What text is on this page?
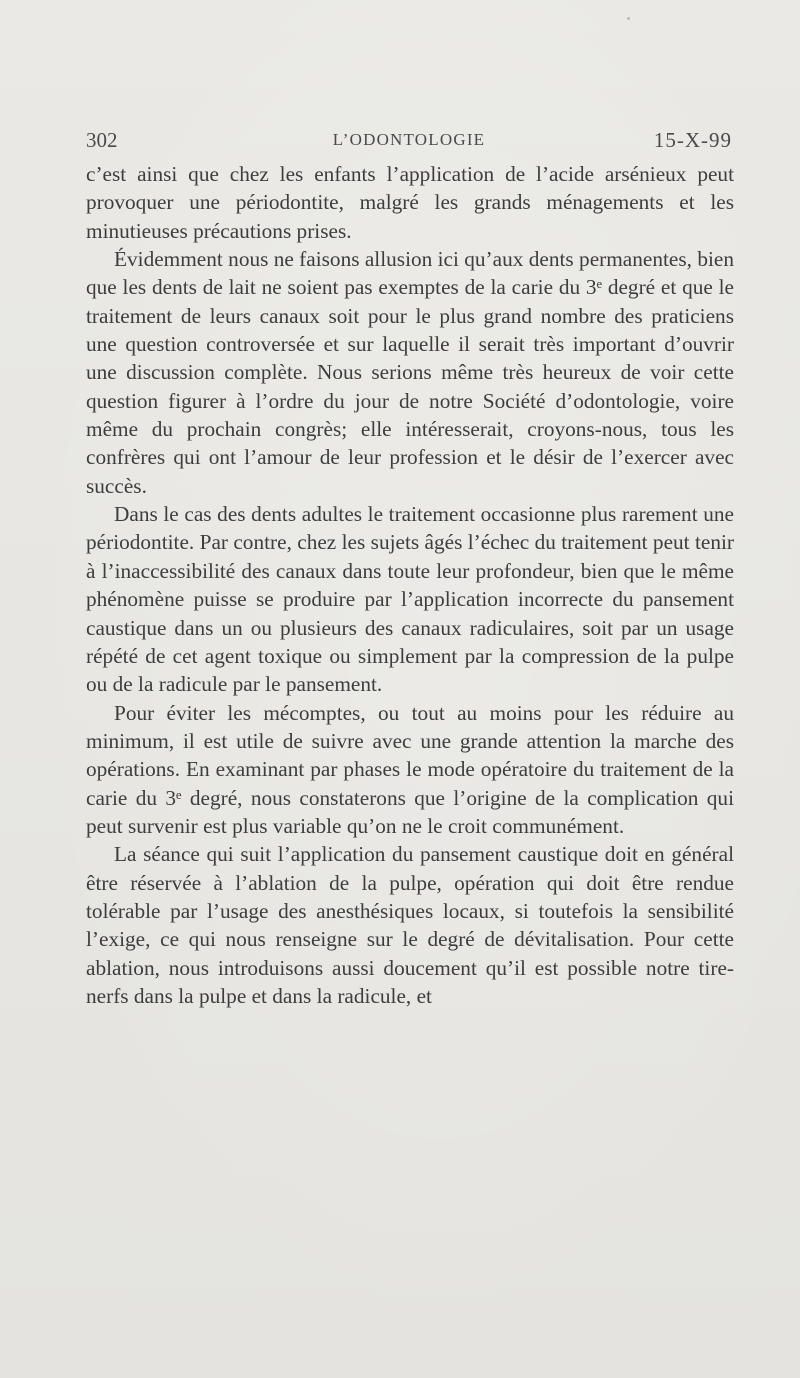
302	L’ODONTOLOGIE	15-X-99

c’est ainsi que chez les enfants l’application de l’acide arsénieux peut provoquer une périodontite, malgré les grands ménagements et les minutieuses précautions prises.

Évidemment nous ne faisons allusion ici qu’aux dents permanentes, bien que les dents de lait ne soient pas exemptes de la carie du 3ᵉ degré et que le traitement de leurs canaux soit pour le plus grand nombre des praticiens une question controversée et sur laquelle il serait très important d’ouvrir une discussion complète. Nous serions même très heureux de voir cette question figurer à l’ordre du jour de notre Société d’odontologie, voire même du prochain congrès; elle intéresserait, croyons-nous, tous les confrères qui ont l’amour de leur profession et le désir de l’exercer avec succès.

Dans le cas des dents adultes le traitement occasionne plus rarement une périodontite. Par contre, chez les sujets âgés l’échec du traitement peut tenir à l’inaccessibilité des canaux dans toute leur profondeur, bien que le même phénomène puisse se produire par l’application incorrecte du pansement caustique dans un ou plusieurs des canaux radiculaires, soit par un usage répété de cet agent toxique ou simplement par la compression de la pulpe ou de la radicule par le pansement.

Pour éviter les mécomptes, ou tout au moins pour les réduire au minimum, il est utile de suivre avec une grande attention la marche des opérations. En examinant par phases le mode opératoire du traitement de la carie du 3ᵉ degré, nous constaterons que l’origine de la complication qui peut survenir est plus variable qu’on ne le croit communément.

La séance qui suit l’application du pansement caustique doit en général être réservée à l’ablation de la pulpe, opération qui doit être rendue tolérable par l’usage des anesthésiques locaux, si toutefois la sensibilité l’exige, ce qui nous renseigne sur le degré de dévitalisation. Pour cette ablation, nous introduisons aussi doucement qu’il est possible notre tire-nerfs dans la pulpe et dans la radicule, et
